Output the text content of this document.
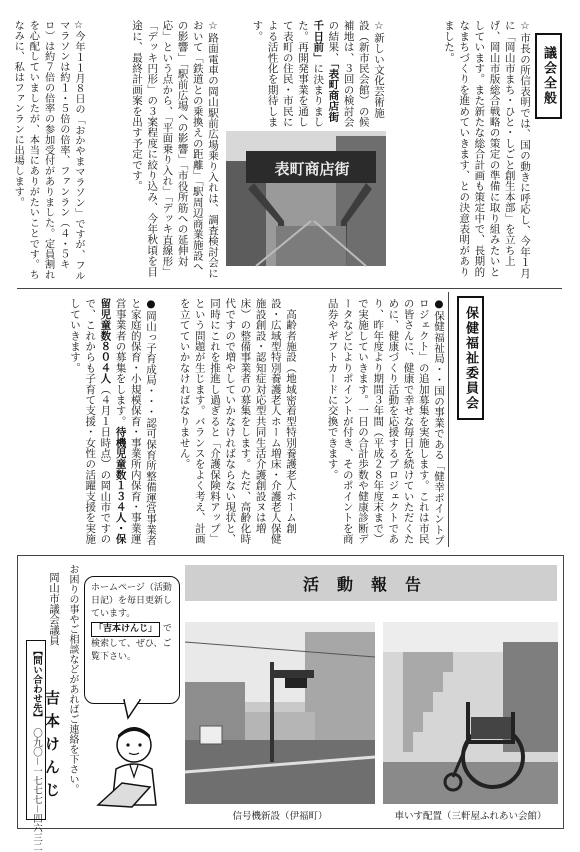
表町商店街
議会全般
☆市長の所信表明では、国の動きに呼応し、今年１月に「岡山市まち・ひと・しごと創生本部」を立ち上げ、岡山市版総合戦略の策定の準備に取り組みたいとしています。また新たな総合計画も策定中で、長期的なまちづくりを進めていきます、との決意表明がありました。
☆新しい文化芸術施設（新市民会館）の候補地は、３回の検討会の結果、「表町商店街千日前」に決まりました。再開発事業を通して表町の住民・市民による活性化を期待します。
☆路面電車の岡山駅前広場乗り入れは、調査検討会において「鉄道との乗換えの距離」「駅周辺商業施設への影響」「駅前広場への影響」「市役所筋への延伸対応」という点から、「平面乗り入れ」「デッキ直線形」「デッキ円形」の３案程度に絞り込み、今年秋頃を目途に、最終計画案を出す予定です。
☆今年１１月８日の「おかやまマラソン」ですが、フルマラソンは約１・５倍の倍率、ファンラン（４・５キロ）は約７倍の倍率の参加受付がありました。定員割れを心配していましたが、本当にありがたいことです。ちなみに、私はファンランに出場します。

保健福祉委員会
●保健福祉局・・国の事業である「健幸ポイントプロジェクト」の追加募集を実施します。これは市民の皆さんに、健康で幸せな毎日を続けていただくために、健康づくり活動を応援するプロジェクトであり、昨年度より期間３年間（平成２８年度末まで）で実施していきます。一日の合計歩数や健康診断データなどによりポイントが付き、そのポイントを商品券やギフトカードに交換できます。
　高齢者施設（地域密着型特別養護老人ホーム創設・広域型特別養護老人ホーム増床・介護老人保健施設創設・認知症対応型共同生活介護創設ヌは増床）の整備事業者の募集をします。ただ、高齢化時代ですので増やしていかなければならない現状と、同時にこれを推進し過ぎると「介護保険料アップ」という問題が生じます。バランスをよく考え、計画を立てていかなければなりません。
●岡山っ子育成局・・・認可保育所整備運営事業者と家庭的保育・小規模保育・事業所内保育・事業運営事業者の募集をします。待機児童数１３４人・保留児童数８０４人（４月１日時点）の岡山市ですので、これからも子育て支援・女性の活躍支援を実施していきます。
活動報告
ホームページ（活動日記）を毎日更新しています。
「吉本けんじ」 で検索して、ぜひ、ご覧下さい。
お困りの事やご相談などがあればご連絡を下さい。
岡山市議会議員
吉本けんじ
【問い合わせ先】
〇九〇－一七七七－四六三二	信号機新設（伊福町）	車いす配置（三軒屋ふれあい会館）
